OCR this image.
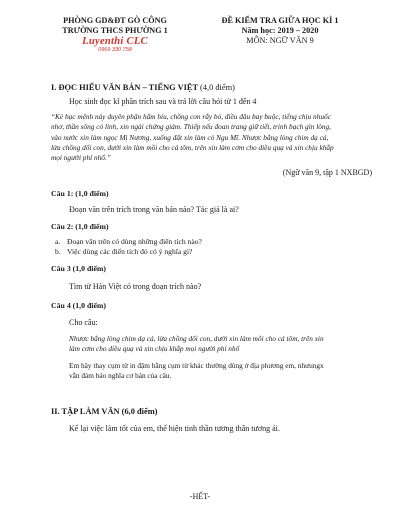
PHÒNG GD&ĐT GÒ CÔNG
TRƯỜNG THCS PHƯỜNG 1
Luyenthi CLC
0969 330 758
ĐỀ KIỂM TRA GIỮA HỌC KÌ 1
Năm học: 2019 – 2020
MÔN: NGỮ VĂN 9
I. ĐỌC HIỂU VĂN BẢN – TIẾNG VIỆT (4,0 điểm)
Học sinh đọc kĩ phần trích sau và trả lời câu hỏi từ 1 đến 4
“Kẻ bạc mệnh này duyên phận hẩm hiu, chồng con rẫy bỏ, điều đâu bay buộc, tiếng chịu nhuốc
nhơ, thần sông có linh, xin ngài chứng giám. Thiếp nếu đoan trang giữ tiết, trinh bạch gìn lòng,
vào nước xin làm ngọc Mị Nương, xuống đất xin làm cỏ Ngu Mĩ. Nhược bằng lòng chim dạ cá,
lừa chồng dối con, dưới xin làm mồi cho cá tôm, trên xin làm cơm cho diều quạ và xin chịu khắp
mọi người phỉ nhổ.”
(Ngữ văn 9, tập 1 NXBGD)
Câu 1: (1,0 điểm)
Đoạn văn trên trích trong văn bản nào? Tác giả là ai?
Câu 2: (1,0 điểm)
a. Đoạn văn trên có dùng những điển tích nào?
b. Việc dùng các điển tích đó có ý nghĩa gì?
Câu 3 (1,0 điểm)
Tìm từ Hán Việt có trong đoạn trích nào?
Câu 4 (1,0 điểm)
Cho câu:
Nhược bằng lòng chim dạ cá, lừa chồng dối con, dưới xin làm mồi cho cá tôm, trên xin
làm cơm cho diều quạ và xin chịu khắp mọi người phỉ nhổ
Em hãy thay cụm từ in đậm bằng cụm từ khác thường dùng ở địa phương em, nhưungx
vẫn đảm bảo nghĩa cơ bản của câu.
II. TẬP LÀM VĂN (6,0 điểm)
Kể lại việc làm tốt của em, thể hiện tinh thần tương thân tương ái.
-HẾT-
